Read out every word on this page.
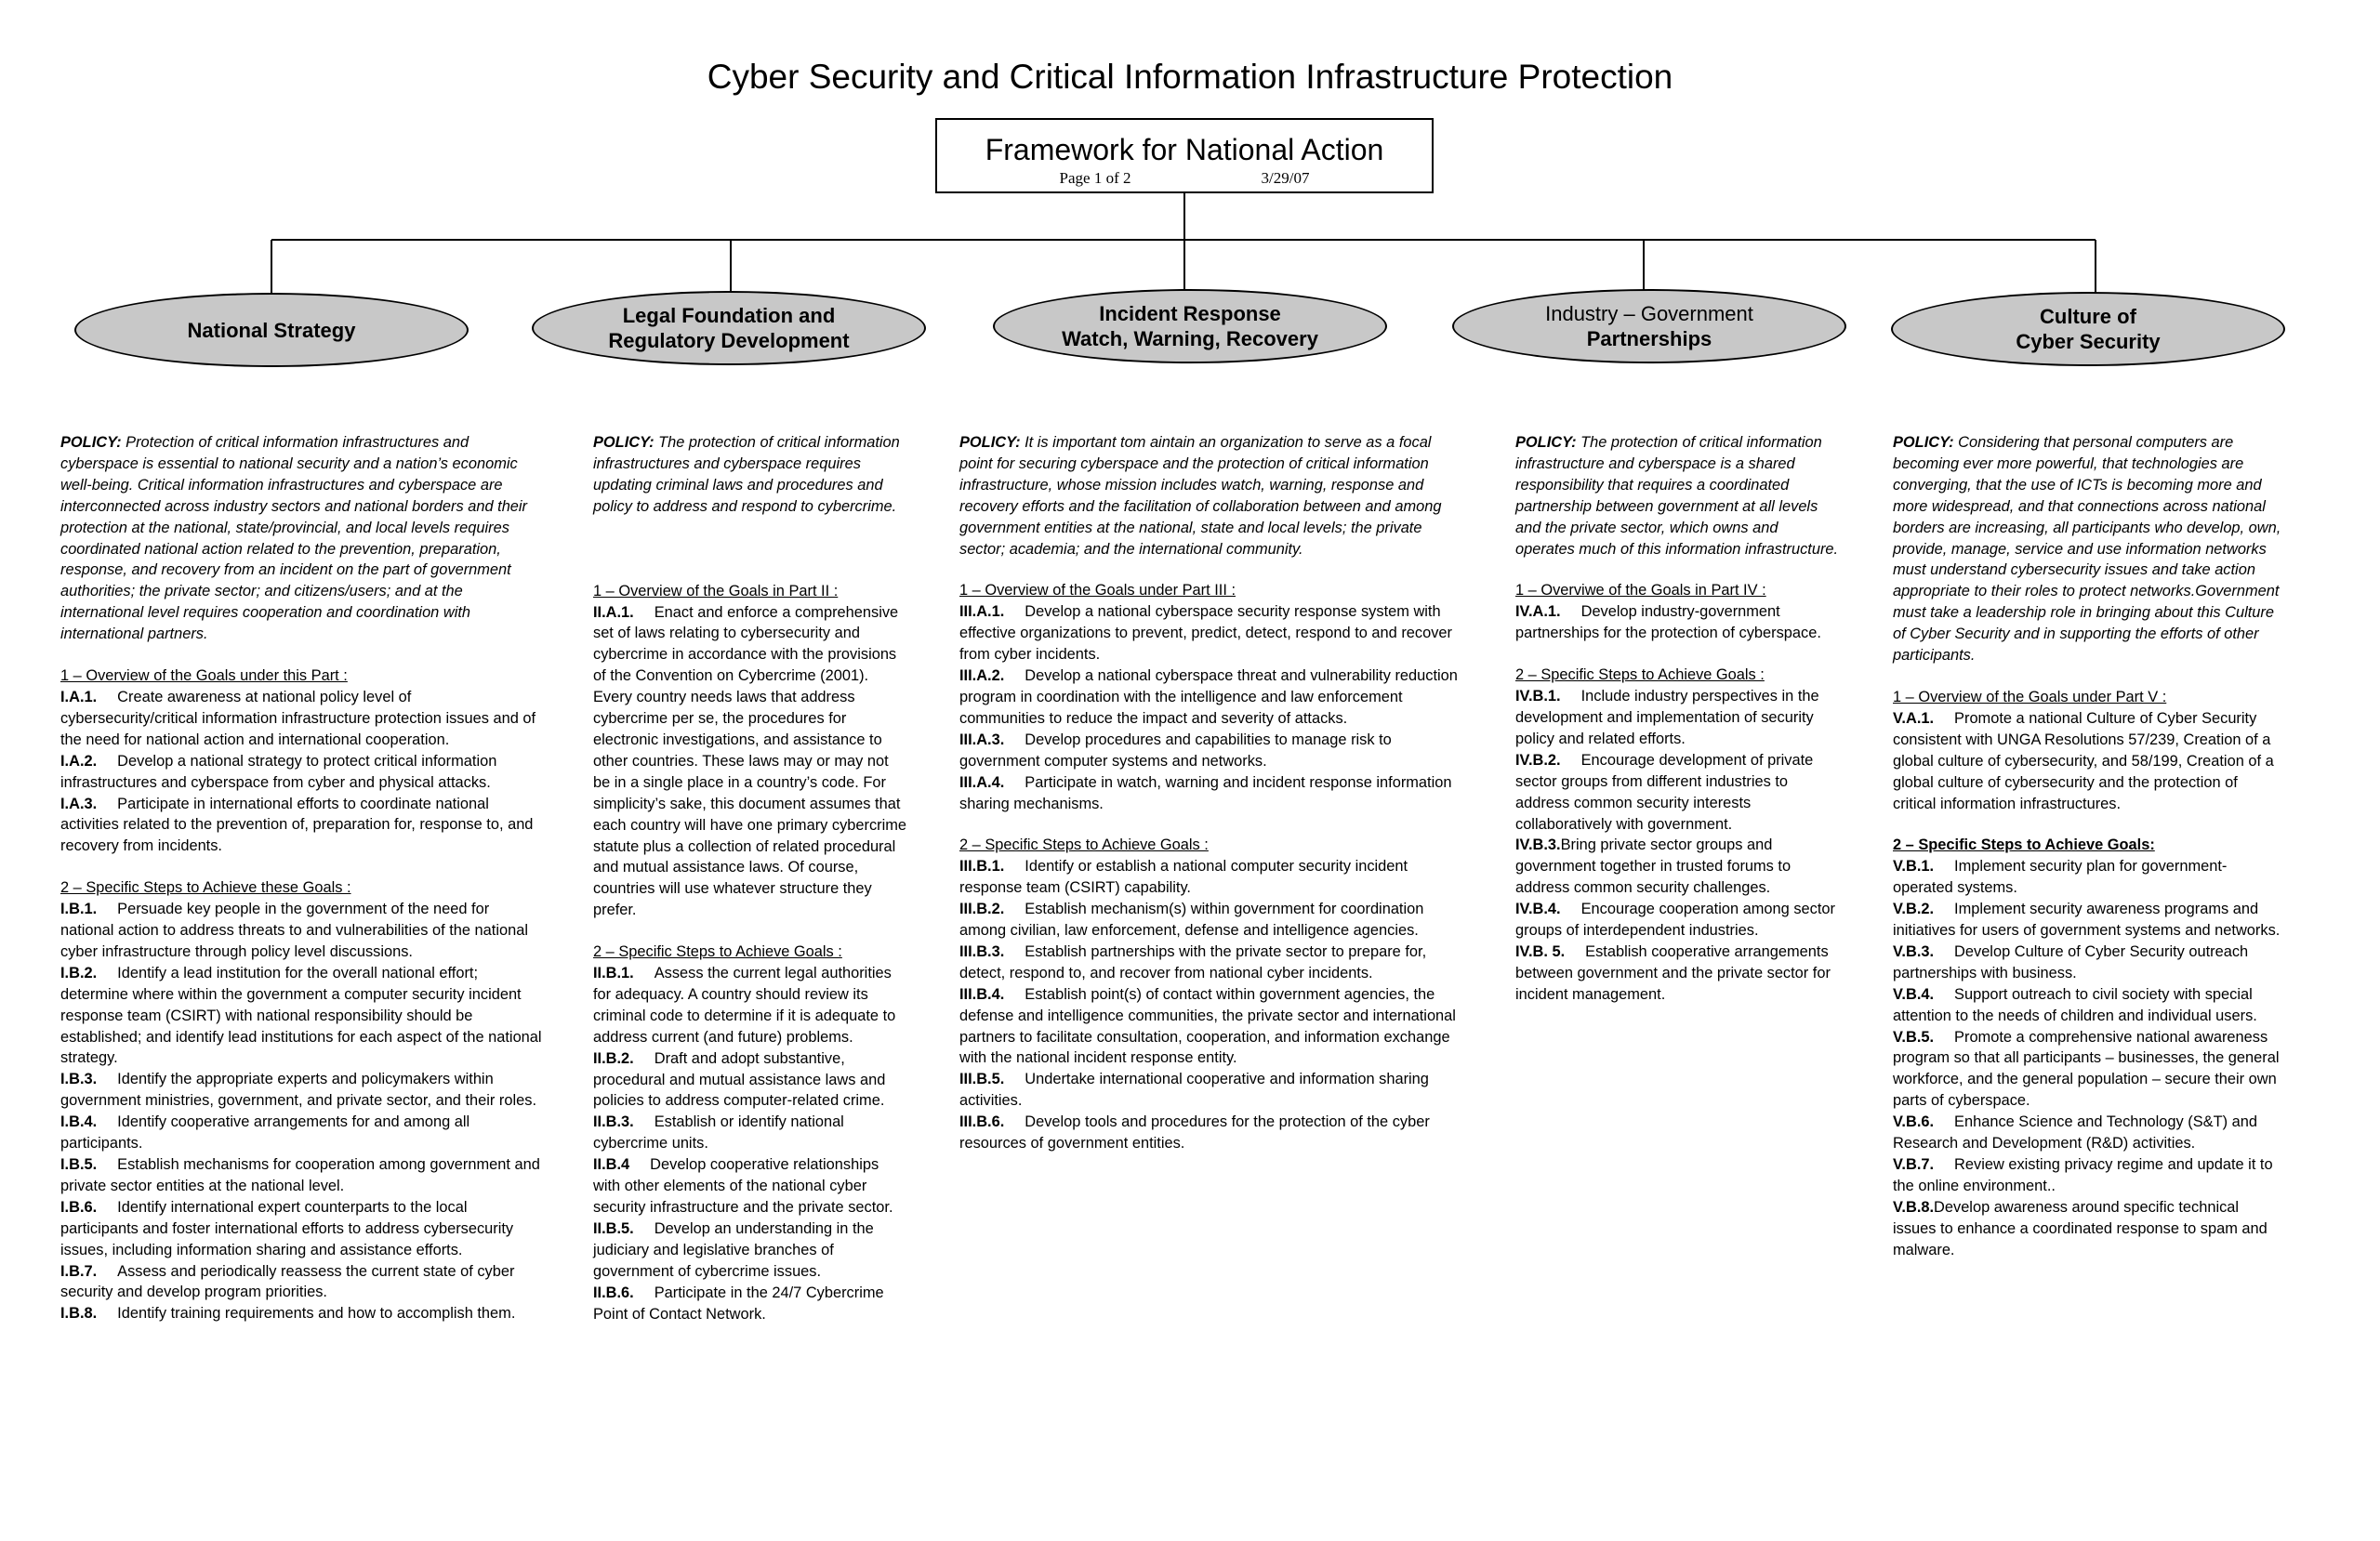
Cyber Security and Critical Information Infrastructure Protection
Framework for National Action
Page 1 of 2	3/29/07
National Strategy
Legal Foundation and
Regulatory Development
Incident Response
Watch, Warning, Recovery
Industry – Government
Partnerships
Culture of
Cyber Security
POLICY: Protection of critical information infrastructures and cyberspace is essential to national security and a nation’s economic well-being. Critical information infrastructures and cyberspace are interconnected across industry sectors and national borders and their protection at the national, state/provincial, and local levels requires coordinated national action related to the prevention, preparation, response, and recovery from an incident on the part of government authorities; the private sector; and citizens/users; and at the international level requires cooperation and coordination with international partners.
1 – Overview of the Goals under this Part :
I.A.1. Create awareness at national policy level of cybersecurity/critical information infrastructure protection issues and of the need for national action and international cooperation.
I.A.2. Develop a national strategy to protect critical information infrastructures and cyberspace from cyber and physical attacks.
I.A.3. Participate in international efforts to coordinate national activities related to the prevention of, preparation for, response to, and recovery from incidents.
2 – Specific Steps to Achieve these Goals :
I.B.1. Persuade key people in the government of the need for national action to address threats to and vulnerabilities of the national cyber infrastructure through policy level discussions.
I.B.2. Identify a lead institution for the overall national effort; determine where within the government a computer security incident response team (CSIRT) with national responsibility should be established; and identify lead institutions for each aspect of the national strategy.
I.B.3. Identify the appropriate experts and policymakers within government ministries, government, and private sector, and their roles.
I.B.4. Identify cooperative arrangements for and among all participants.
I.B.5. Establish mechanisms for cooperation among government and private sector entities at the national level.
I.B.6. Identify international expert counterparts to the local participants and foster international efforts to address cybersecurity issues, including information sharing and assistance efforts.
I.B.7. Assess and periodically reassess the current state of cyber security and develop program priorities.
I.B.8. Identify training requirements and how to accomplish them.
POLICY: The protection of critical information infrastructures and cyberspace requires updating criminal laws and procedures and policy to address and respond to cybercrime.
1 – Overview of the Goals in Part II :
II.A.1. Enact and enforce a comprehensive set of laws relating to cybersecurity and cybercrime in accordance with the provisions of the Convention on Cybercrime (2001). Every country needs laws that address cybercrime per se, the procedures for electronic investigations, and assistance to other countries. These laws may or may not be in a single place in a country’s code. For simplicity’s sake, this document assumes that each country will have one primary cybercrime statute plus a collection of related procedural and mutual assistance laws. Of course, countries will use whatever structure they prefer.
2 – Specific Steps to Achieve Goals :
II.B.1. Assess the current legal authorities for adequacy. A country should review its criminal code to determine if it is adequate to address current (and future) problems.
II.B.2. Draft and adopt substantive, procedural and mutual assistance laws and policies to address computer-related crime.
II.B.3. Establish or identify national cybercrime units.
II.B.4 Develop cooperative relationships with other elements of the national cyber security infrastructure and the private sector.
II.B.5. Develop an understanding in the judiciary and legislative branches of government of cybercrime issues.
II.B.6. Participate in the 24/7 Cybercrime Point of Contact Network.
POLICY: It is important tom aintain an organization to serve as a focal point for securing cyberspace and the protection of critical information infrastructure, whose mission includes watch, warning, response and recovery efforts and the facilitation of collaboration between and among government entities at the national, state and local levels; the private sector; academia; and the international community.
1 – Overview of the Goals under Part III :
III.A.1. Develop a national cyberspace security response system with effective organizations to prevent, predict, detect, respond to and recover from cyber incidents.
III.A.2. Develop a national cyberspace threat and vulnerability reduction program in coordination with the intelligence and law enforcement communities to reduce the impact and severity of attacks.
III.A.3. Develop procedures and capabilities to manage risk to government computer systems and networks.
III.A.4. Participate in watch, warning and incident response information sharing mechanisms.
2 – Specific Steps to Achieve Goals :
III.B.1. Identify or establish a national computer security incident response team (CSIRT) capability.
III.B.2. Establish mechanism(s) within government for coordination among civilian, law enforcement, defense and intelligence agencies.
III.B.3. Establish partnerships with the private sector to prepare for, detect, respond to, and recover from national cyber incidents.
III.B.4. Establish point(s) of contact within government agencies, the defense and intelligence communities, the private sector and international partners to facilitate consultation, cooperation, and information exchange with the national incident response entity.
III.B.5. Undertake international cooperative and information sharing activities.
III.B.6. Develop tools and procedures for the protection of the cyber resources of government entities.
POLICY: The protection of critical information infrastructure and cyberspace is a shared responsibility that requires a coordinated partnership between government at all levels and the private sector, which owns and operates much of this information infrastructure.
1 – Overviwe of the Goals in Part IV :
IV.A.1. Develop industry-government partnerships for the protection of cyberspace.
2 – Specific Steps to Achieve Goals :
IV.B.1. Include industry perspectives in the development and implementation of security policy and related efforts.
IV.B.2. Encourage development of private sector groups from different industries to address common security interests collaboratively with government.
IV.B.3.Bring private sector groups and government together in trusted forums to address common security challenges.
IV.B.4. Encourage cooperation among sector groups of interdependent industries.
IV.B. 5. Establish cooperative arrangements between government and the private sector for incident management.
POLICY: Considering that personal computers are becoming ever more powerful, that technologies are converging, that the use of ICTs is becoming more and more widespread, and that connections across national borders are increasing, all participants who develop, own, provide, manage, service and use information networks must understand cybersecurity issues and take action appropriate to their roles to protect networks.Government must take a leadership role in bringing about this Culture of Cyber Security and in supporting the efforts of other participants.
1 – Overview of the Goals under Part V :
V.A.1. Promote a national Culture of Cyber Security consistent with UNGA Resolutions 57/239, Creation of a global culture of cybersecurity, and 58/199, Creation of a global culture of cybersecurity and the protection of critical information infrastructures.
2 – Specific Steps to Achieve Goals:
V.B.1. Implement security plan for government- operated systems.
V.B.2. Implement security awareness programs and initiatives for users of government systems and networks.
V.B.3. Develop Culture of Cyber Security outreach partnerships with business.
V.B.4. Support outreach to civil society with special attention to the needs of children and individual users.
V.B.5. Promote a comprehensive national awareness program so that all participants – businesses, the general workforce, and the general population – secure their own parts of cyberspace.
V.B.6. Enhance Science and Technology (S&T) and Research and Development (R&D) activities.
V.B.7. Review existing privacy regime and update it to the online environment..
V.B.8.Develop awareness around specific technical issues to enhance a coordinated response to spam and malware.
